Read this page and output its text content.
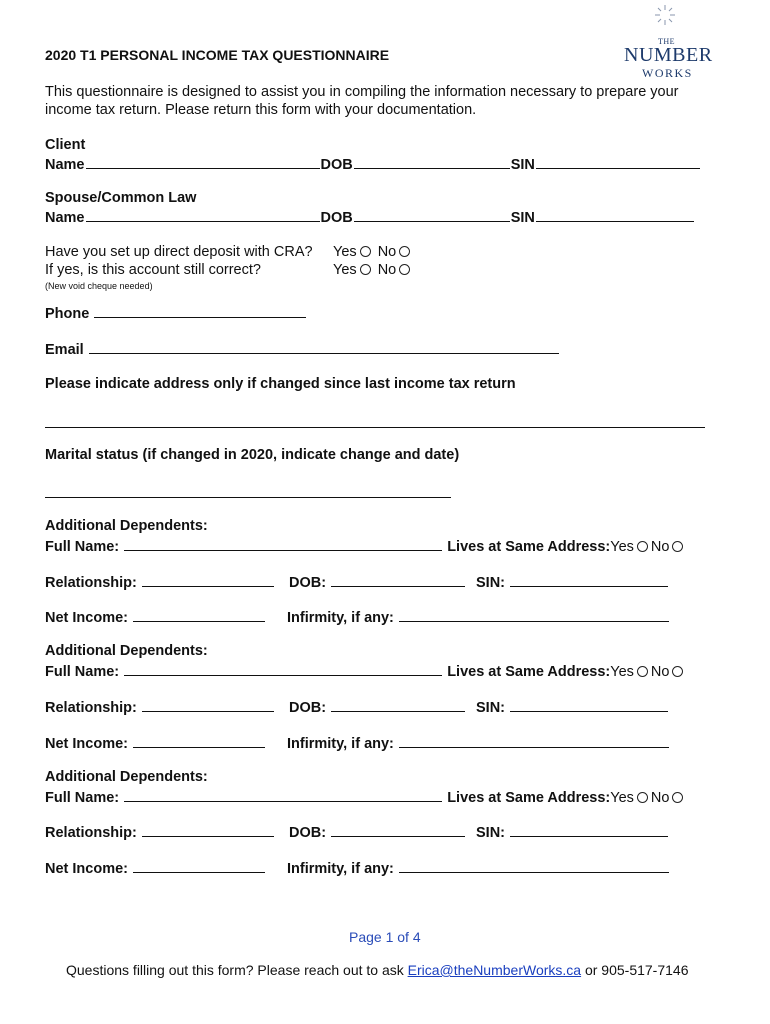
THE
NUMBER
WORKS
2020 T1 PERSONAL INCOME TAX QUESTIONNAIRE
This questionnaire is designed to assist you in compiling the information necessary to prepare your
income tax return. Please return this form with your documentation.
Client
Name	DOB	SIN
Spouse/Common Law
Name	DOB	SIN
Have you set up direct deposit with CRA? Yes No
If yes, is this account still correct?	Yes No
(New void cheque needed)
Phone
Email
Please indicate address only if changed since last income tax return
Marital status (if changed in 2020, indicate change and date)
Additional Dependents:
Full Name:	Lives at Same Address:Yes No
Relationship:	DOB:	SIN:
Net Income:	Infirmity, if any:
Additional Dependents:
Full Name:	Lives at Same Address:Yes No
Relationship:	DOB:	SIN:
Net Income:	Infirmity, if any:
Additional Dependents:
Full Name:	Lives at Same Address:Yes No
Relationship:	DOB:	SIN:
Net Income:	Infirmity, if any:
Page 1 of 4
Questions filling out this form? Please reach out to ask Erica@theNumberWorks.ca or 905-517-7146
